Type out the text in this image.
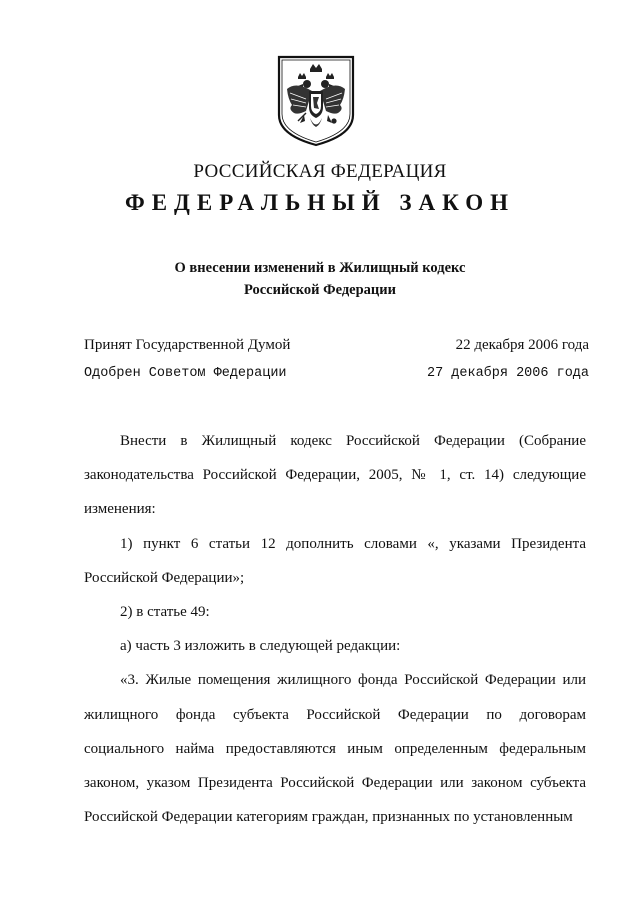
РОССИЙСКАЯ ФЕДЕРАЦИЯ
ФЕДЕРАЛЬНЫЙ ЗАКОН
О внесении изменений в Жилищный кодекс
Российской Федерации
Принят Государственной Думой	22 декабря 2006 года
Одобрен Советом Федерации	27 декабря 2006 года

Внести в Жилищный кодекс Российской Федерации (Собрание законодательства Российской Федерации, 2005, № 1, ст. 14) следующие изменения:

1) пункт 6 статьи 12 дополнить словами «, указами Президента Российской Федерации»;

2) в статье 49:

а) часть 3 изложить в следующей редакции:

«3. Жилые помещения жилищного фонда Российской Федерации или жилищного фонда субъекта Российской Федерации по договорам социального найма предоставляются иным определенным федеральным законом, указом Президента Российской Федерации или законом субъекта Российской Федерации категориям граждан, признанных по установленным
